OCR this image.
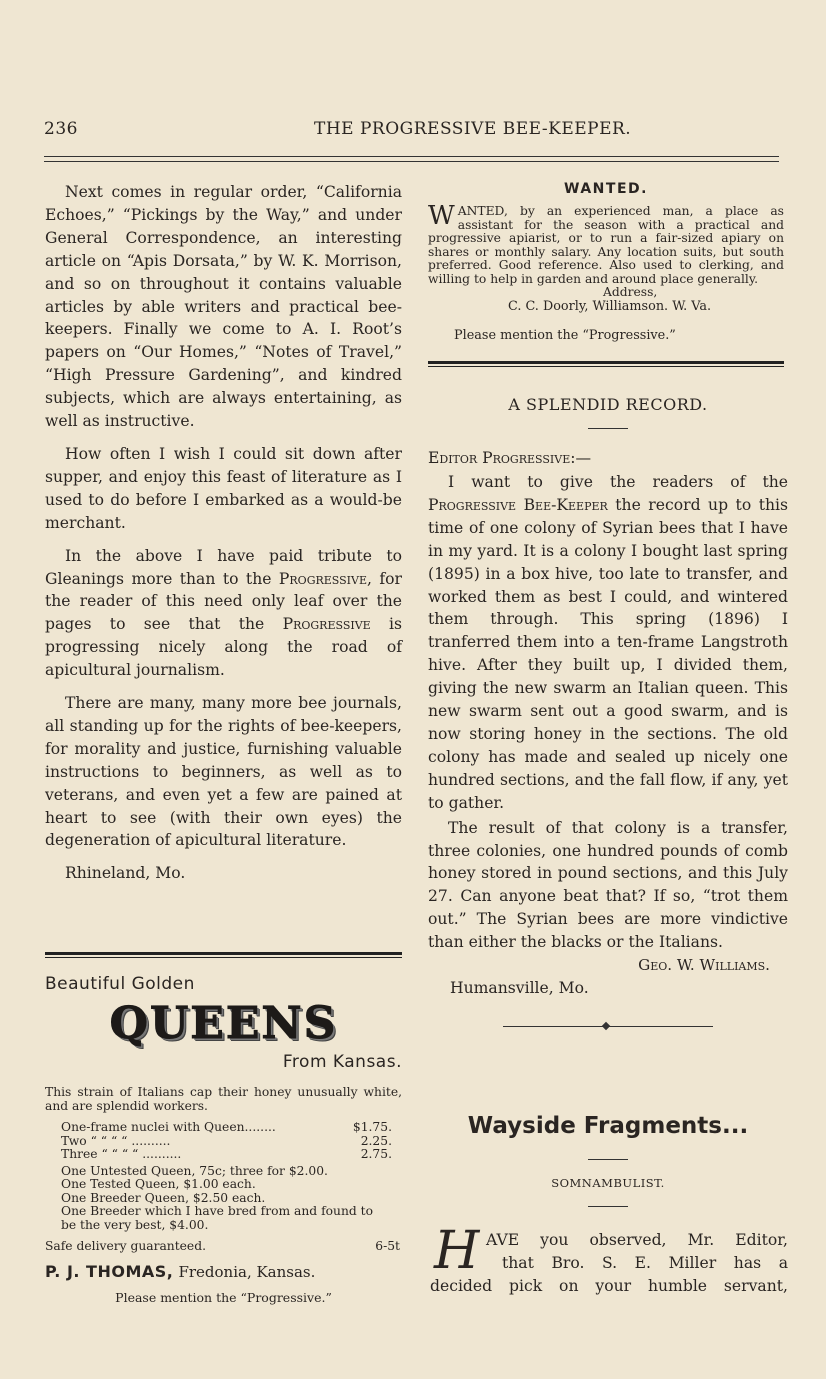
236	THE PROGRESSIVE BEE-KEEPER.

Next comes in regular order, “California Echoes,” “Pickings by the Way,” and under General Correspondence, an interesting article on “Apis Dorsata,” by W. K. Morrison, and so on throughout it contains valuable articles by able writers and practical bee-keepers. Finally we come to A. I. Root’s papers on “Our Homes,” “Notes of Travel,” “High Pressure Gardening”, and kindred subjects, which are always entertaining, as well as instructive.

How often I wish I could sit down after supper, and enjoy this feast of literature as I used to do before I embarked as a would-be merchant.

In the above I have paid tribute to Gleanings more than to the Progressive, for the reader of this need only leaf over the pages to see that the Progressive is progressing nicely along the road of apicultural journalism.

There are many, many more bee journals, all standing up for the rights of bee-keepers, for morality and justice, furnishing valuable instructions to beginners, as well as to veterans, and even yet a few are pained at heart to see (with their own eyes) the degeneration of apicultural literature.

Rhineland, Mo.

Beautiful Golden
QUEENS
From Kansas.
This strain of Italians cap their honey unusually white, and are splendid workers.
One-frame nuclei with Queen........	$1.75.
Two “ “ “ “ ..........	2.25.
Three “ “ “ “ ..........	2.75.
One Untested Queen, 75c; three for $2.00.
One Tested Queen, $1.00 each.
One Breeder Queen, $2.50 each.
One Breeder which I have bred from and found to be the very best, $4.00.
Safe delivery guaranteed.	6-5t
P. J. THOMAS, Fredonia, Kansas.
Please mention the “Progressive.”
WANTED.
WANTED, by an experienced man, a place as assistant for the season with a practical and progressive apiarist, or to run a fair-sized apiary on shares or monthly salary. Any location suits, but south preferred. Good reference. Also used to clerking, and willing to help in garden and around place generally.
Address,
C. C. Doorly, Williamson. W. Va.
Please mention the “Progressive.”
A SPLENDID RECORD.
Editor Progressive:—

I want to give the readers of the Progressive Bee-Keeper the record up to this time of one colony of Syrian bees that I have in my yard. It is a colony I bought last spring (1895) in a box hive, too late to transfer, and worked them as best I could, and wintered them through. This spring (1896) I tranferred them into a ten-frame Langstroth hive. After they built up, I divided them, giving the new swarm an Italian queen. This new swarm sent out a good swarm, and is now storing honey in the sections. The old colony has made and sealed up nicely one hundred sections, and the fall flow, if any, yet to gather.

The result of that colony is a transfer, three colonies, one hundred pounds of comb honey stored in pound sections, and this July 27. Can anyone beat that? If so, “trot them out.” The Syrian bees are more vindictive than either the blacks or the Italians.

Geo. W. Williams.
Humansville, Mo.
Wayside Fragments...
SOMNAMBULIST.
H AVE you observed, Mr. Editor,
that Bro. S. E. Miller has a
decided pick on your humble servant,
